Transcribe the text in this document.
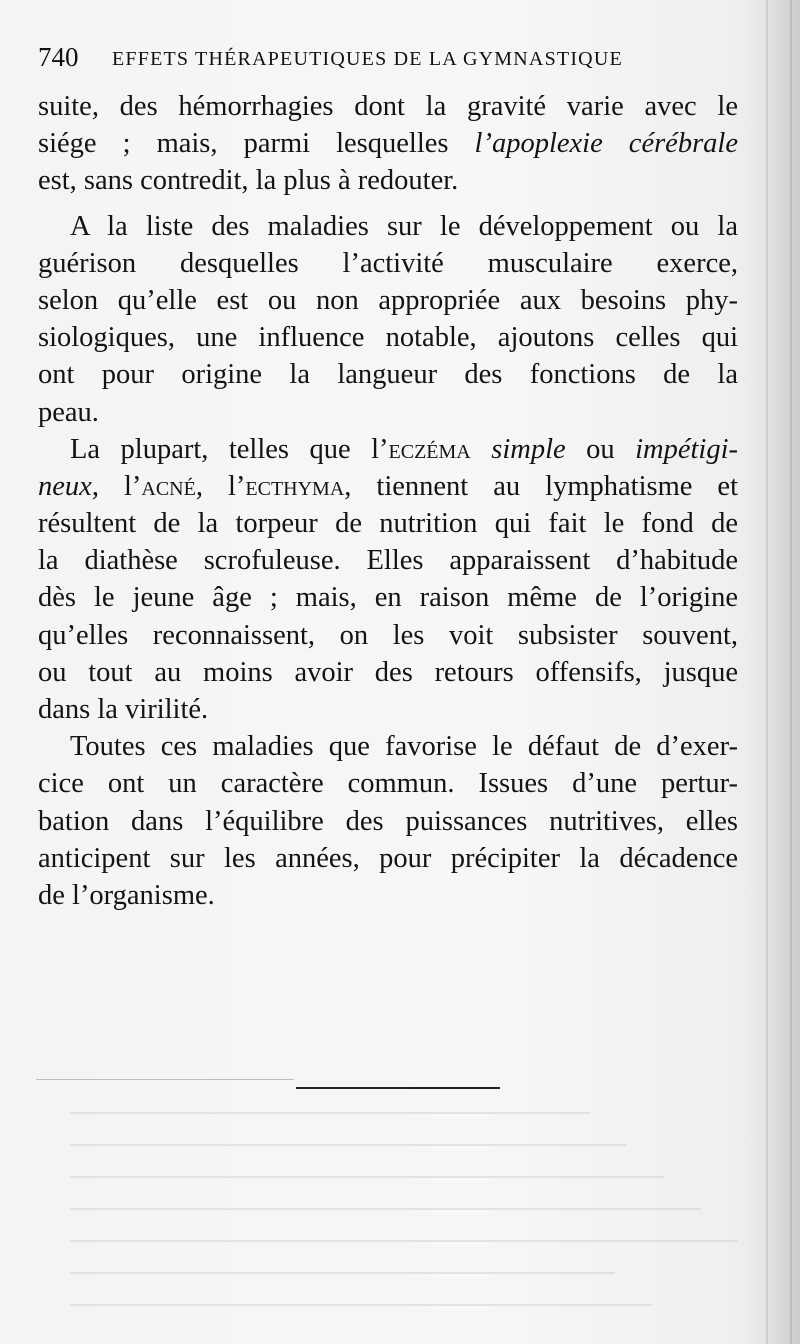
740 EFFETS THÉRAPEUTIQUES DE LA GYMNASTIQUE
suite, des hémorrhagies dont la gravité varie avec le
siége ; mais, parmi lesquelles l’apoplexie cérébrale
est, sans contredit, la plus à redouter.
A la liste des maladies sur le développement ou la
guérison desquelles l’activité musculaire exerce,
selon qu’elle est ou non appropriée aux besoins phy-
siologiques, une influence notable, ajoutons celles qui
ont pour origine la langueur des fonctions de la
peau.
La plupart, telles que l’eczéma simple ou impétigi-
neux, l’acné, l’ecthyma, tiennent au lymphatisme et
résultent de la torpeur de nutrition qui fait le fond de
la diathèse scrofuleuse. Elles apparaissent d’habitude
dès le jeune âge ; mais, en raison même de l’origine
qu’elles reconnaissent, on les voit subsister souvent,
ou tout au moins avoir des retours offensifs, jusque
dans la virilité.
Toutes ces maladies que favorise le défaut de d’exer-
cice ont un caractère commun. Issues d’une pertur-
bation dans l’équilibre des puissances nutritives, elles
anticipent sur les années, pour précipiter la décadence
de l’organisme.
